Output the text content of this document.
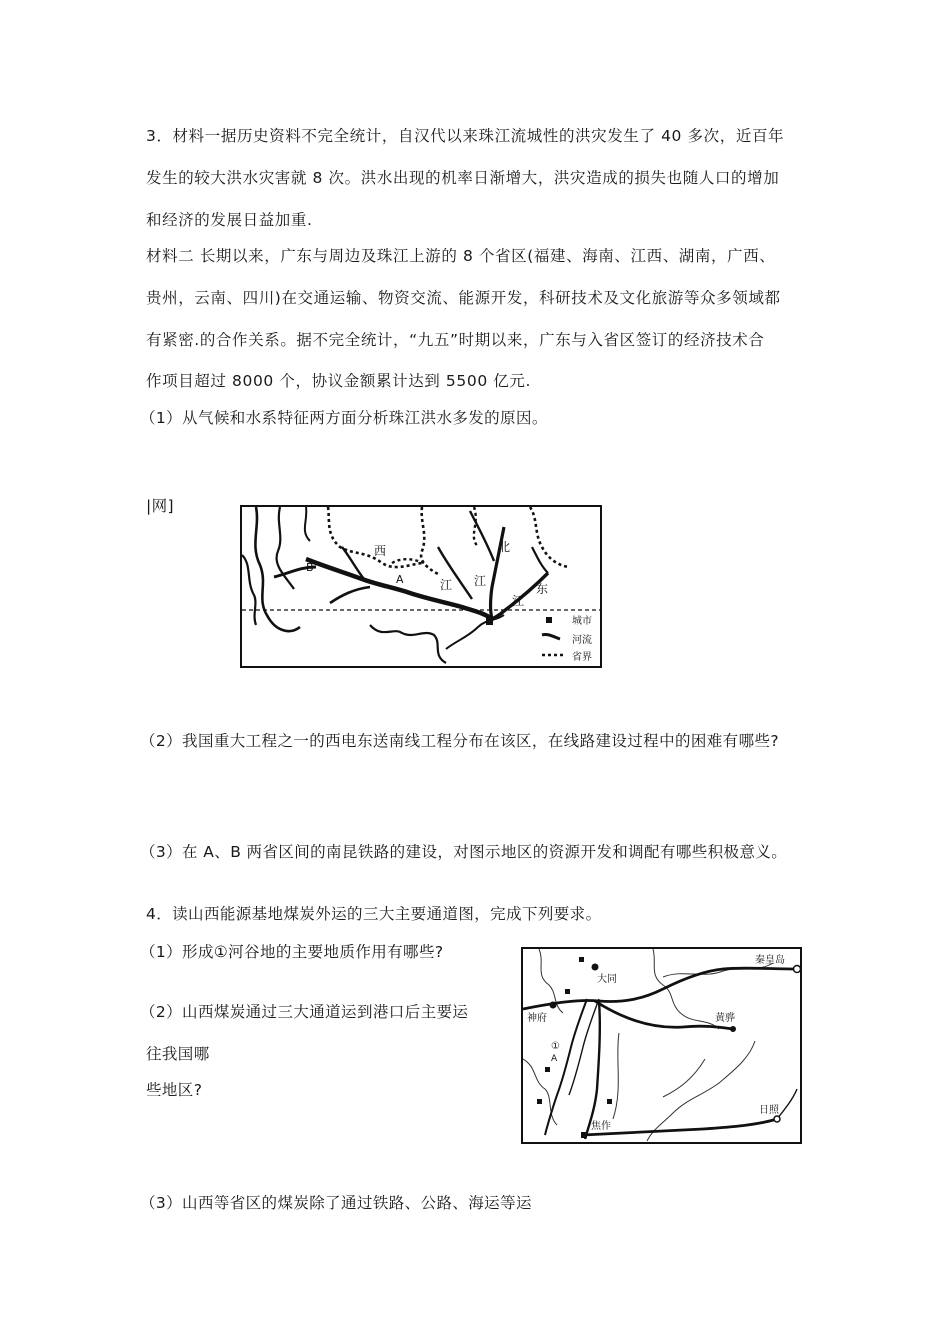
3．材料一据历史资料不完全统计，自汉代以来珠江流城性的洪灾发生了 40 多次，近百年
发生的较大洪水灾害就 8 次。洪水出现的机率日渐增大，洪灾造成的损失也随人口的增加
和经济的发展日益加重.
材料二 长期以来，广东与周边及珠江上游的 8 个省区(福建、海南、江西、湖南，广西、
贵州，云南、四川)在交通运输、物资交流、能源开发，科研技术及文化旅游等众多领域都
有紧密.的合作关系。据不完全统计，“九五”时期以来，广东与入省区签订的经济技术合
作项目超过 8000 个，协议金额累计达到 5500 亿元.
（1）从气候和水系特征两方面分析珠江洪水多发的原因。
|网]
城市
河流
省界
西	北
江 江
江
东
A
B
（2）我国重大工程之一的西电东送南线工程分布在该区，在线路建设过程中的困难有哪些?
（3）在 A、B 两省区间的南昆铁路的建设，对图示地区的资源开发和调配有哪些积极意义。
4．读山西能源基地煤炭外运的三大主要通道图，完成下列要求。
（1）形成①河谷地的主要地质作用有哪些?
（2）山西煤炭通过三大通道运到港口后主要运
往我国哪
些地区?
（3）山西等省区的煤炭除了通过铁路、公路、海运等运
大同
秦皇岛
神府	黄骅
日照
焦作
A
①
